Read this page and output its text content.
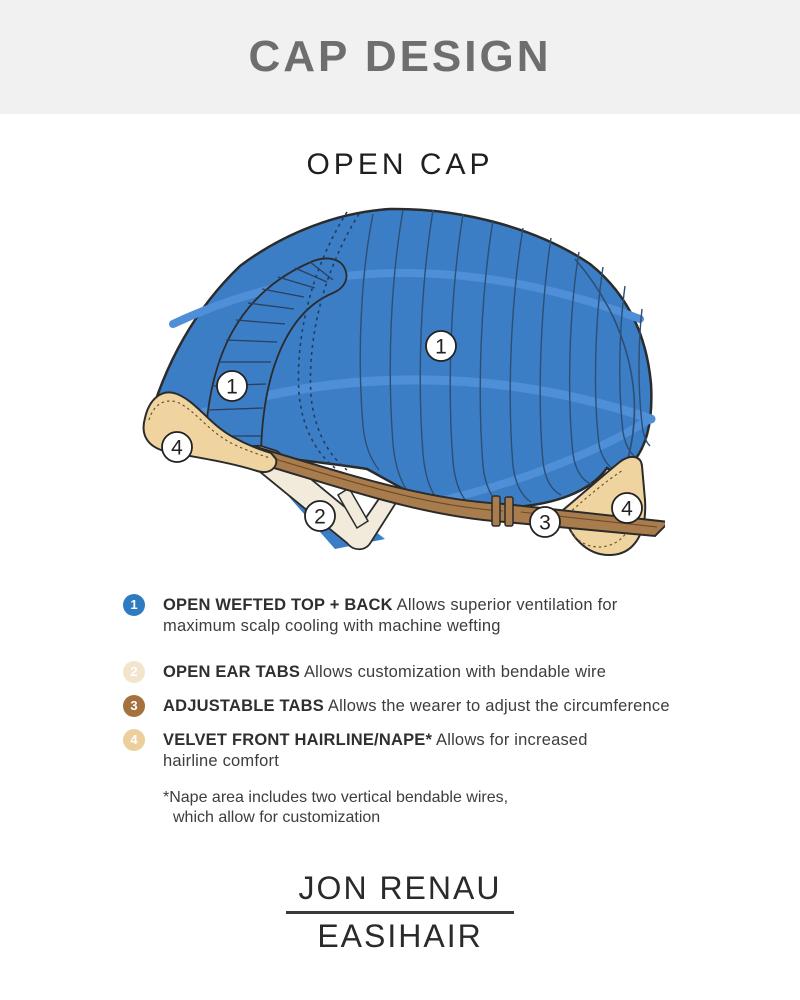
CAP DESIGN
OPEN CAP
1
1
4
2	3
4
1	OPEN WEFTED TOP + BACK Allows superior ventilation for maximum scalp cooling with machine wefting

2	OPEN EAR TABS Allows customization with bendable wire

3	ADJUSTABLE TABS Allows the wearer to adjust the circumference

4	VELVET FRONT HAIRLINE/NAPE* Allows for increased hairline comfort

*Nape area includes two vertical bendable wires,
which allow for customization
JON RENAU
EASIHAIR
